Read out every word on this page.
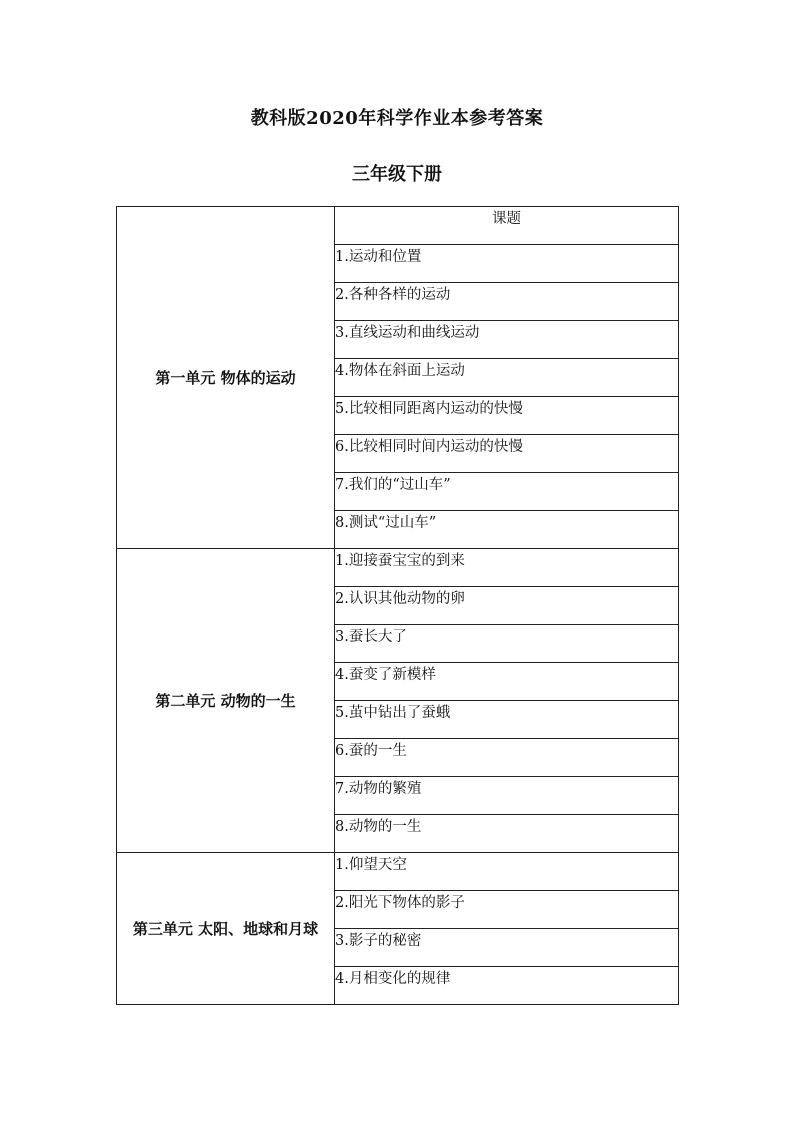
教科版2020年科学作业本参考答案
三年级下册
第一单元 物体的运动	课题
	1.运动和位置
	2.各种各样的运动
	3.直线运动和曲线运动
	4.物体在斜面上运动
	5.比较相同距离内运动的快慢
	6.比较相同时间内运动的快慢
	7.我们的“过山车”
	8.测试“过山车”
第二单元 动物的一生	1.迎接蚕宝宝的到来
	2.认识其他动物的卵
	3.蚕长大了
	4.蚕变了新模样
	5.茧中钻出了蚕蛾
	6.蚕的一生
	7.动物的繁殖
	8.动物的一生
第三单元 太阳、地球和月球	1.仰望天空
	2.阳光下物体的影子
	3.影子的秘密
	4.月相变化的规律
